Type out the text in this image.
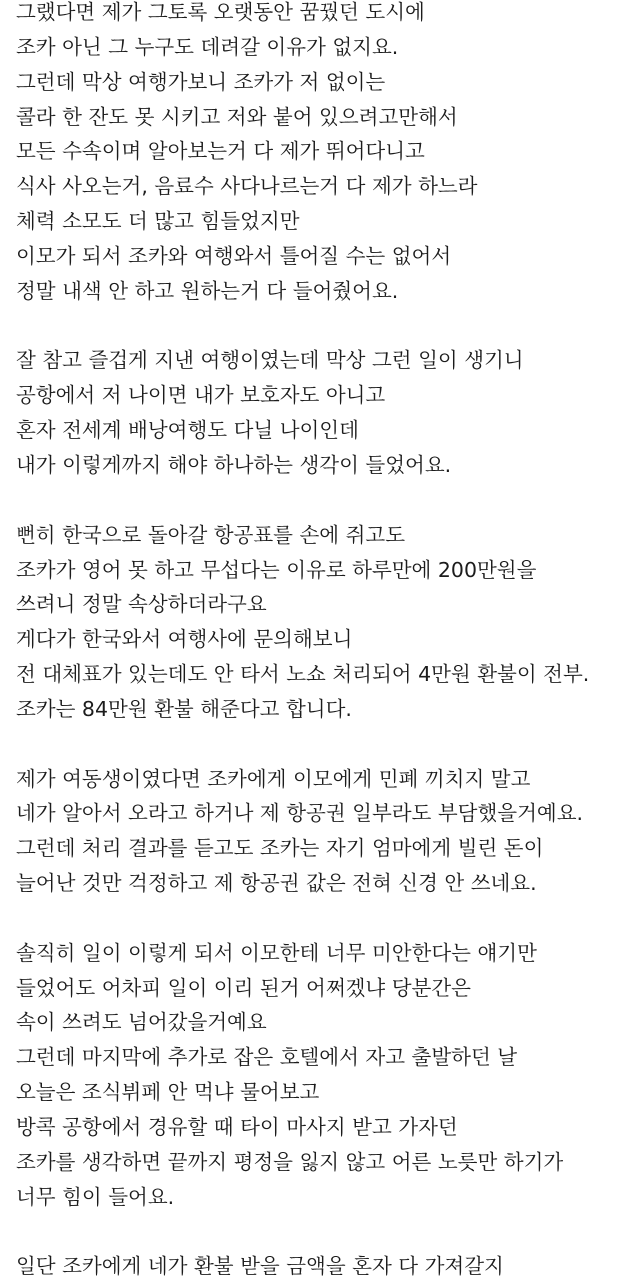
그랬다면 제가 그토록 오랫동안 꿈꿨던 도시에
조카 아닌 그 누구도 데려갈 이유가 없지요.
그런데 막상 여행가보니 조카가 저 없이는
콜라 한 잔도 못 시키고 저와 붙어 있으려고만해서
모든 수속이며 알아보는거 다 제가 뛰어다니고
식사 사오는거, 음료수 사다나르는거 다 제가 하느라
체력 소모도 더 많고 힘들었지만
이모가 되서 조카와 여행와서 틀어질 수는 없어서
정말 내색 안 하고 원하는거 다 들어줬어요.
잘 참고 즐겁게 지낸 여행이였는데 막상 그런 일이 생기니
공항에서 저 나이면 내가 보호자도 아니고
혼자 전세계 배낭여행도 다닐 나이인데
내가 이렇게까지 해야 하나하는 생각이 들었어요.
뻔히 한국으로 돌아갈 항공표를 손에 쥐고도
조카가 영어 못 하고 무섭다는 이유로 하루만에 200만원을
쓰려니 정말 속상하더라구요
게다가 한국와서 여행사에 문의해보니
전 대체표가 있는데도 안 타서 노쇼 처리되어 4만원 환불이 전부.
조카는 84만원 환불 해준다고 합니다.
제가 여동생이였다면 조카에게 이모에게 민폐 끼치지 말고
네가 알아서 오라고 하거나 제 항공권 일부라도 부담했을거예요.
그런데 처리 결과를 듣고도 조카는 자기 엄마에게 빌린 돈이
늘어난 것만 걱정하고 제 항공권 값은 전혀 신경 안 쓰네요.
솔직히 일이 이렇게 되서 이모한테 너무 미안한다는 얘기만
들었어도 어차피 일이 이리 된거 어쩌겠냐 당분간은
속이 쓰려도 넘어갔을거예요
그런데 마지막에 추가로 잡은 호텔에서 자고 출발하던 날
오늘은 조식뷔페 안 먹냐 물어보고
방콕 공항에서 경유할 때 타이 마사지 받고 가자던
조카를 생각하면 끝까지 평정을 잃지 않고 어른 노릇만 하기가
너무 힘이 들어요.
일단 조카에게 네가 환불 받을 금액을 혼자 다 가져갈지
